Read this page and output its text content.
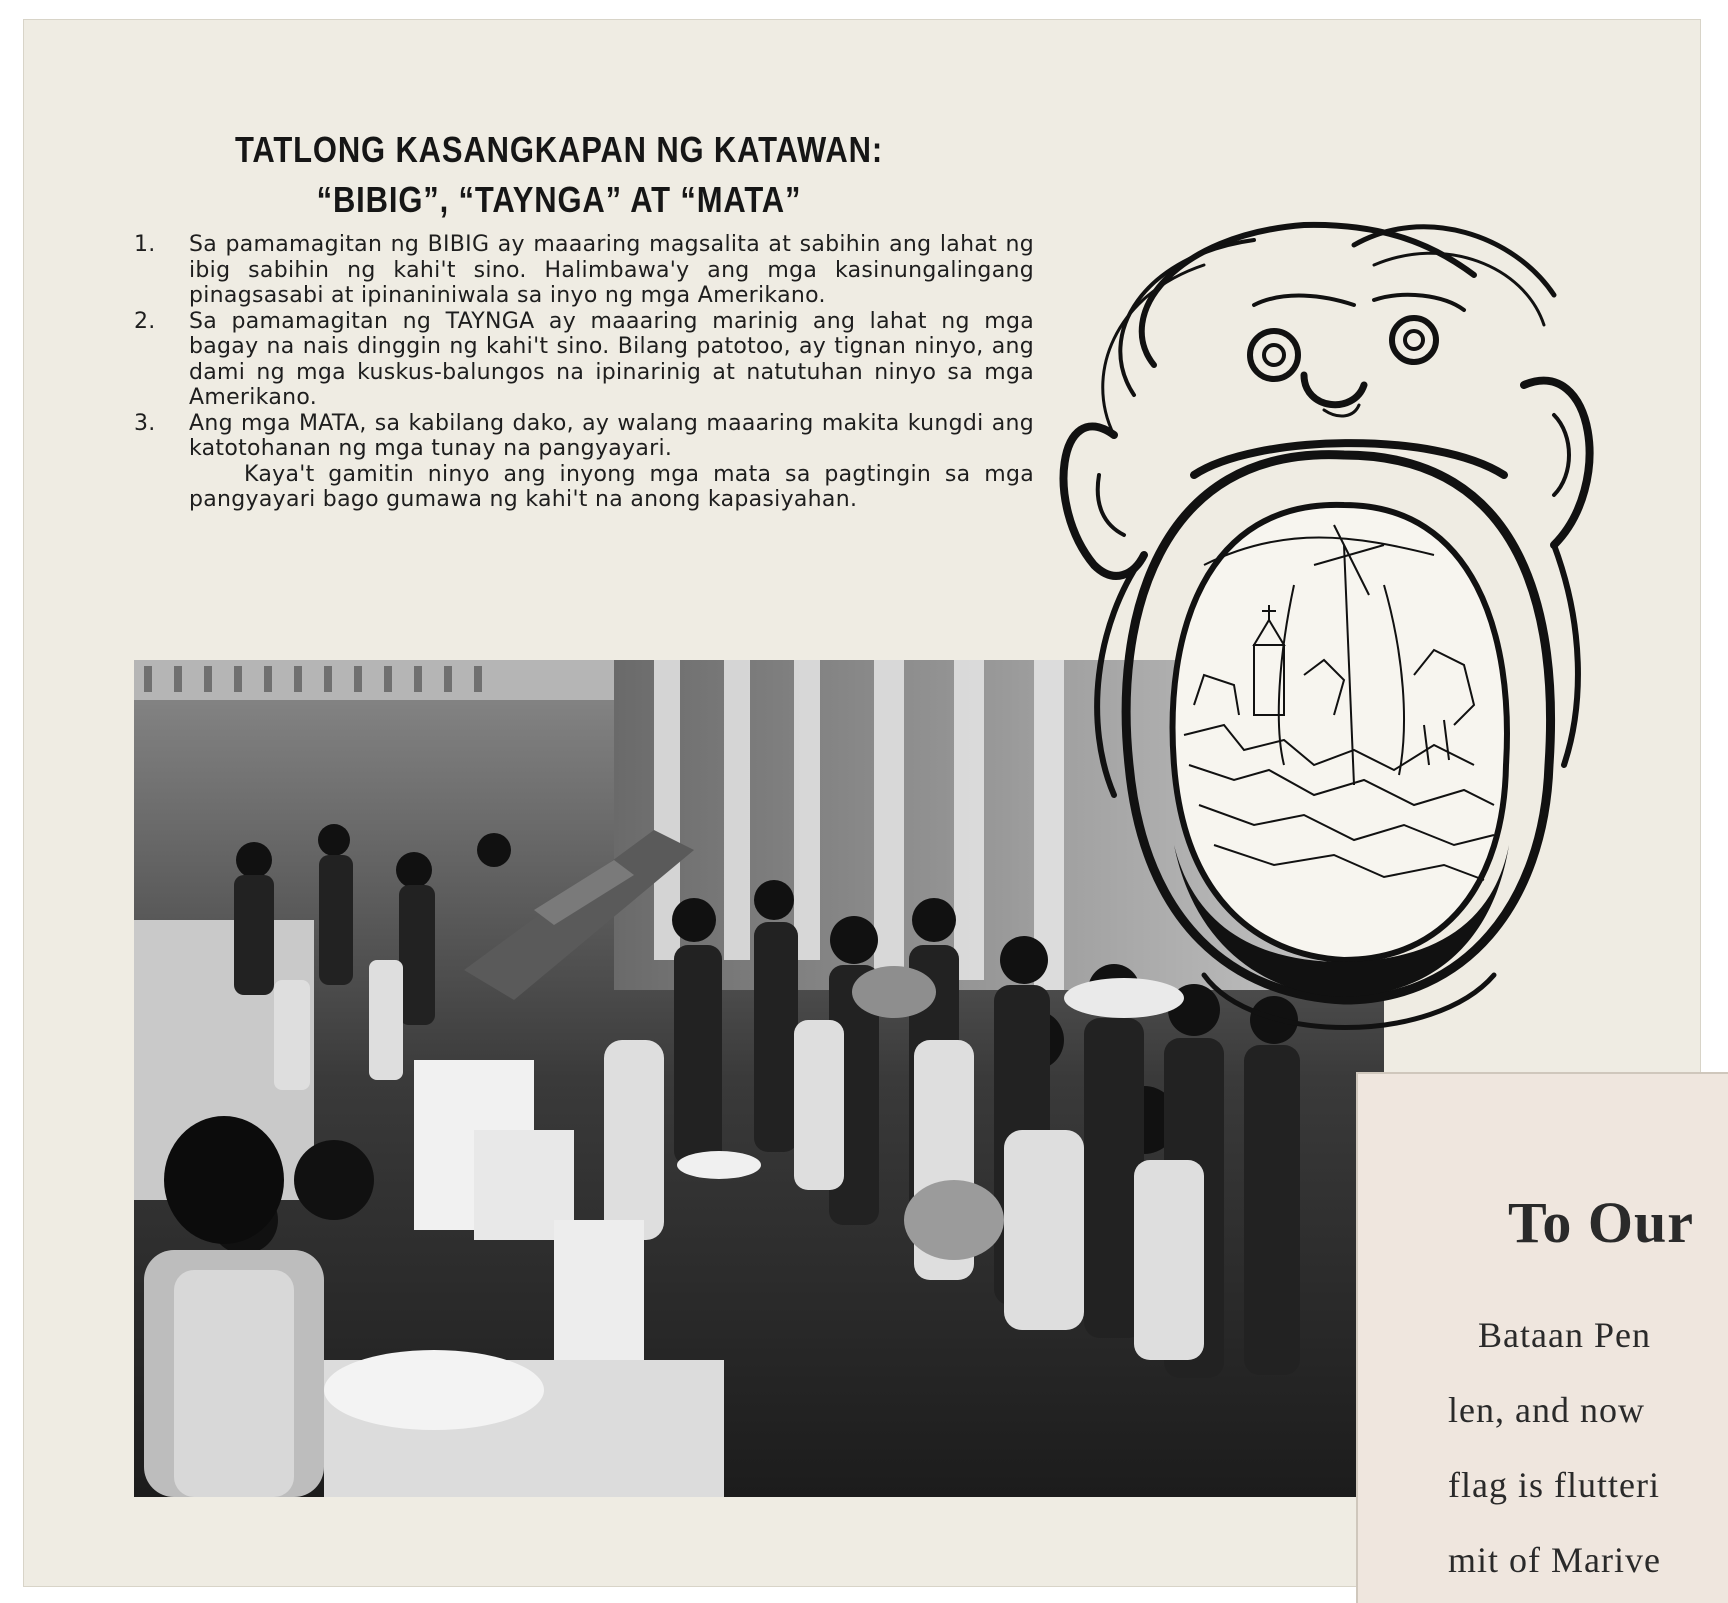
TATLONG KASANGKAPAN NG KATAWAN:
“BIBIG”, “TAYNGA” AT “MATA”
1. Sa pamamagitan ng BIBIG ay maaaring magsalita at sabihin ang lahat ng ibig sabihin ng kahi't sino. Halimbawa'y ang mga kasinungalingang pinagsasabi at ipinaniniwala sa inyo ng mga Amerikano.
2. Sa pamamagitan ng TAYNGA ay maaaring marinig ang lahat ng mga bagay na nais dinggin ng kahi't sino. Bilang patotoo, ay tignan ninyo, ang dami ng mga kuskus-balungos na ipinarinig at natutuhan ninyo sa mga Amerikano.
3. Ang mga MATA, sa kabilang dako, ay walang maaaring makita kungdi ang katotohanan ng mga tunay na pangyayari.

Kaya't gamitin ninyo ang inyong mga mata sa pagtingin sa mga pangyayari bago gumawa ng kahi't na anong kapasiyahan.

To Our
Bataan Pen
len, and now
flag is flutteri
mit of Marive
